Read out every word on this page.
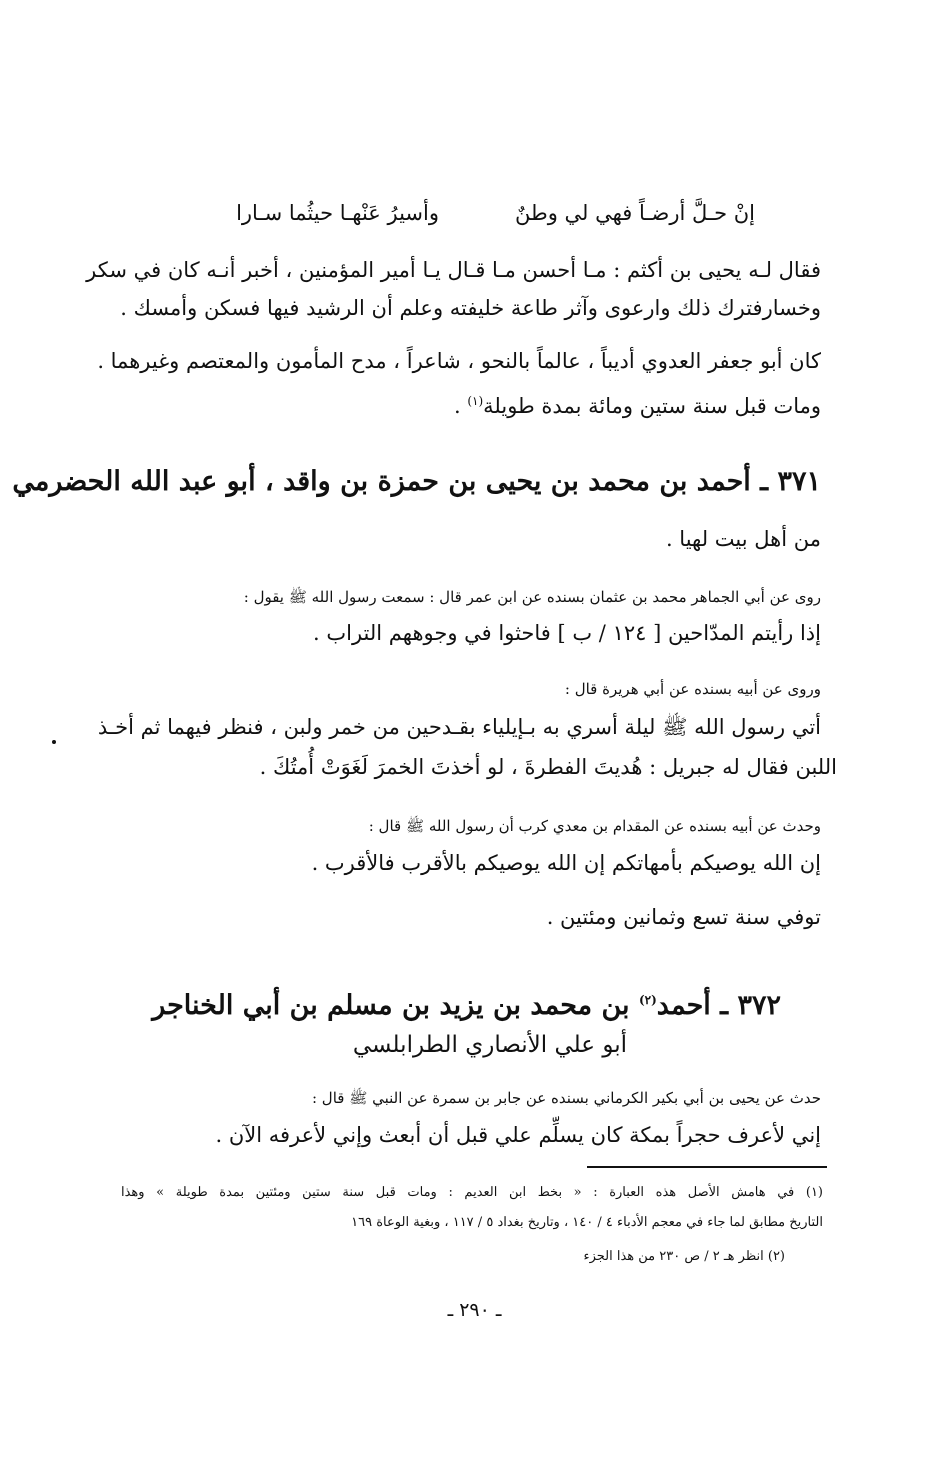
إنْ حـلَّ أرضـاً فهي لي وطنٌ
وأسيرُ عَنْهـا حيثُما سـارا

فقال لـه يحيى بن أكثم : مـا أحسن مـا قـال يـا أمير المؤمنين ، أخبر أنـه كان في سكر

وخسارفترك ذلك وارعوى وآثر طاعة خليفته وعلم أن الرشيد فيها فسكن وأمسك .

كان أبو جعفر العدوي أديباً ، عالماً بالنحو ، شاعراً ، مدح المأمون والمعتصم وغيرهما .

ومات قبل سنة ستين ومائة بمدة طويلة$^{(١)}$ .

٣٧١ ـ أحمد بن محمد بن يحيى بن حمزة بن واقد ، أبو عبد الله الحضرمي

من أهل بيت لهيا .

روى عن أبي الجماهر محمد بن عثمان بسنده عن ابن عمر قال : سمعت رسول الله ﷺ يقول :

إذا رأيتم المدّاحين [ ١٢٤ / ب ] فاحثوا في وجوههم التراب .

وروى عن أبيه بسنده عن أبي هريرة قال :

أتي رسول الله ﷺ ليلة أسري به بـإيلياء بقـدحين من خمر ولبن ، فنظر فيهما ثم أخـذ

اللبن فقال له جبريل : هُديتَ الفطرةَ ، لو أخذتَ الخمرَ لَغَوَتْ أُمتُكَ .

وحدث عن أبيه بسنده عن المقدام بن معدي كرب أن رسول الله ﷺ قال :

إن الله يوصيكم بأمهاتكم إن الله يوصيكم بالأقرب فالأقرب .

توفي سنة تسع وثمانين ومئتين .

٣٧٢ ـ أحمد$^{(٢)}$ بن محمد بن يزيد بن مسلم بن أبي الخناجر

أبو علي الأنصاري الطرابلسي

حدث عن يحيى بن أبي بكير الكرماني بسنده عن جابر بن سمرة عن النبي ﷺ قال :

إني لأعرف حجراً بمكة كان يسلِّم علي قبل أن أبعث وإني لأعرفه الآن .

(١) في هامش الأصل هذه العبارة : « بخط ابن العديم : ومات قبل سنة ستين ومئتين بمدة طويلة » وهذا

التاريخ مطابق لما جاء في معجم الأدباء ٤ / ١٤٠ ، وتاريخ بغداد ٥ / ١١٧ ، وبغية الوعاة ١٦٩

(٢) انظر هـ ٢ / ص ٢٣٠ من هذا الجزء

ـ ٢٩٠ ـ
